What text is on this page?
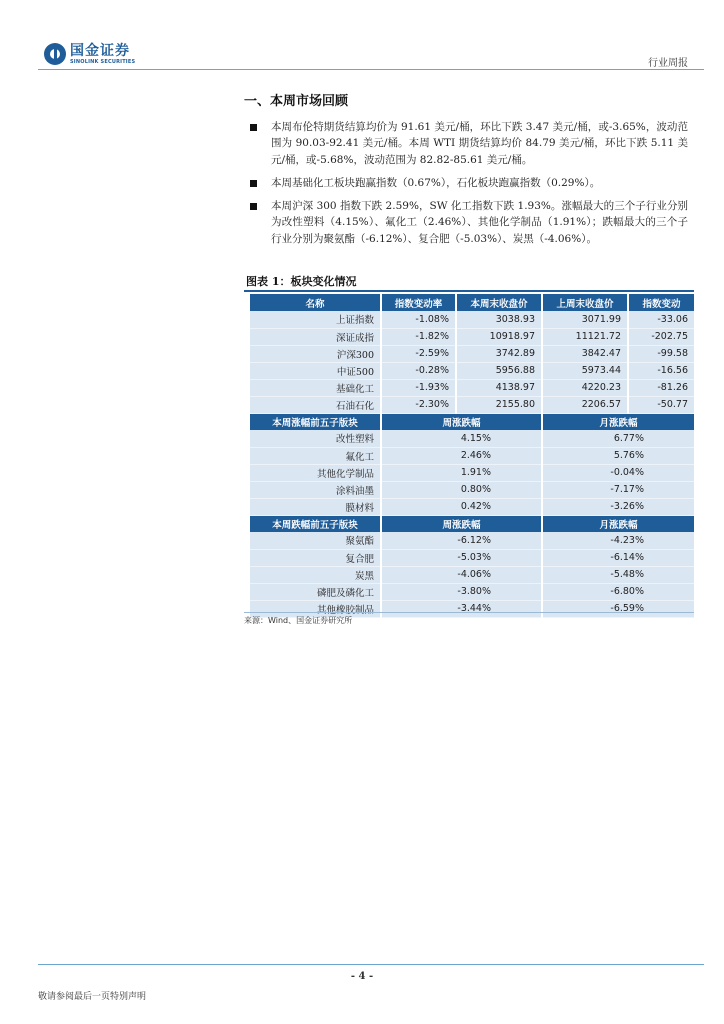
国金证券
SINOLINK SECURITIES	行业周报
一、本周市场回顾
本周布伦特期货结算均价为 91.61 美元/桶，环比下跌 3.47 美元/桶，或-3.65%，波动范围为 90.03-92.41 美元/桶。本周 WTI 期货结算均价 84.79 美元/桶，环比下跌 5.11 美元/桶，或-5.68%，波动范围为 82.82-85.61 美元/桶。
本周基础化工板块跑赢指数（0.67%），石化板块跑赢指数（0.29%）。
本周沪深 300 指数下跌 2.59%，SW 化工指数下跌 1.93%。涨幅最大的三个子行业分别为改性塑料（4.15%）、氟化工（2.46%）、其他化学制品（1.91%）；跌幅最大的三个子行业分别为聚氨酯（-6.12%）、复合肥（-5.03%）、炭黑（-4.06%）。
图表 1：板块变化情况
名称	指数变动率	本周末收盘价	上周末收盘价	指数变动
上证指数	-1.08%	3038.93	3071.99	-33.06
深证成指	-1.82%	10918.97	11121.72	-202.75
沪深300	-2.59%	3742.89	3842.47	-99.58
中证500	-0.28%	5956.88	5973.44	-16.56
基础化工	-1.93%	4138.97	4220.23	-81.26
石油石化	-2.30%	2155.80	2206.57	-50.77
本周涨幅前五子版块	周涨跌幅		月涨跌幅	
改性塑料	4.15%		6.77%	
氟化工	2.46%		5.76%	
其他化学制品	1.91%		-0.04%	
涂料油墨	0.80%		-7.17%	
膜材料	0.42%		-3.26%	
本周跌幅前五子版块	周涨跌幅		月涨跌幅	
聚氨酯	-6.12%		-4.23%	
复合肥	-5.03%		-6.14%	
炭黑	-4.06%		-5.48%	
磷肥及磷化工	-3.80%		-6.80%	
其他橡胶制品	-3.44%		-6.59%	
来源：Wind、国金证券研究所
- 4 -
敬请参阅最后一页特别声明
